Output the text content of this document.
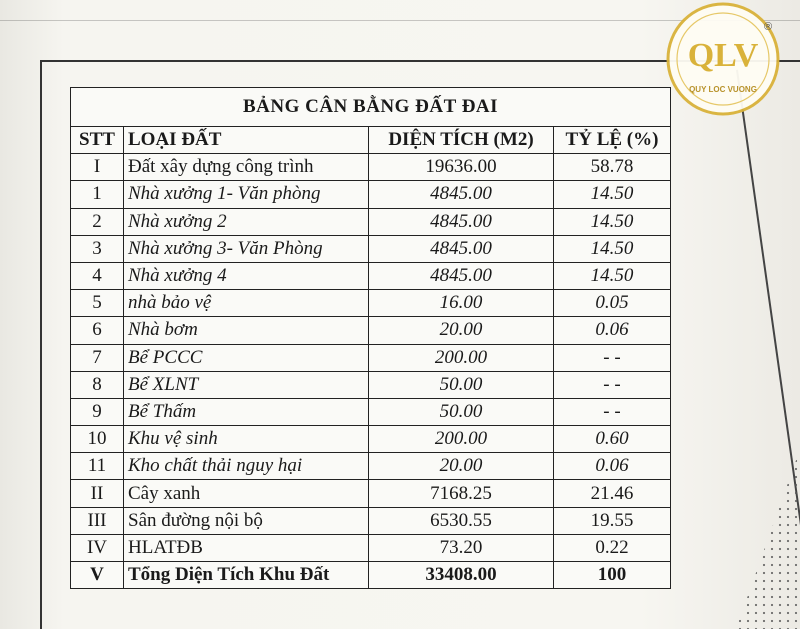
BẢNG CÂN BẰNG ĐẤT ĐAI			
STT	LOẠI ĐẤT	DIỆN TÍCH (M2)	TỶ LỆ (%)
I	Đất xây dựng công trình	19636.00	58.78
1	Nhà xưởng 1- Văn phòng	4845.00	14.50
2	Nhà xưởng 2	4845.00	14.50
3	Nhà xưởng 3- Văn Phòng	4845.00	14.50
4	Nhà xưởng 4	4845.00	14.50
5	nhà bảo vệ	16.00	0.05
6	Nhà bơm	20.00	0.06
7	Bể PCCC	200.00	- -
8	Bể XLNT	50.00	- -
9	Bể Thấm	50.00	- -
10	Khu vệ sinh	200.00	0.60
11	Kho chất thải nguy hại	20.00	0.06
II	Cây xanh	7168.25	21.46
III	Sân đường nội bộ	6530.55	19.55
IV	HLATĐB	73.20	0.22
V	Tổng Diện Tích Khu Đất	33408.00	100
QLV
®
QUY LOC VUONG
